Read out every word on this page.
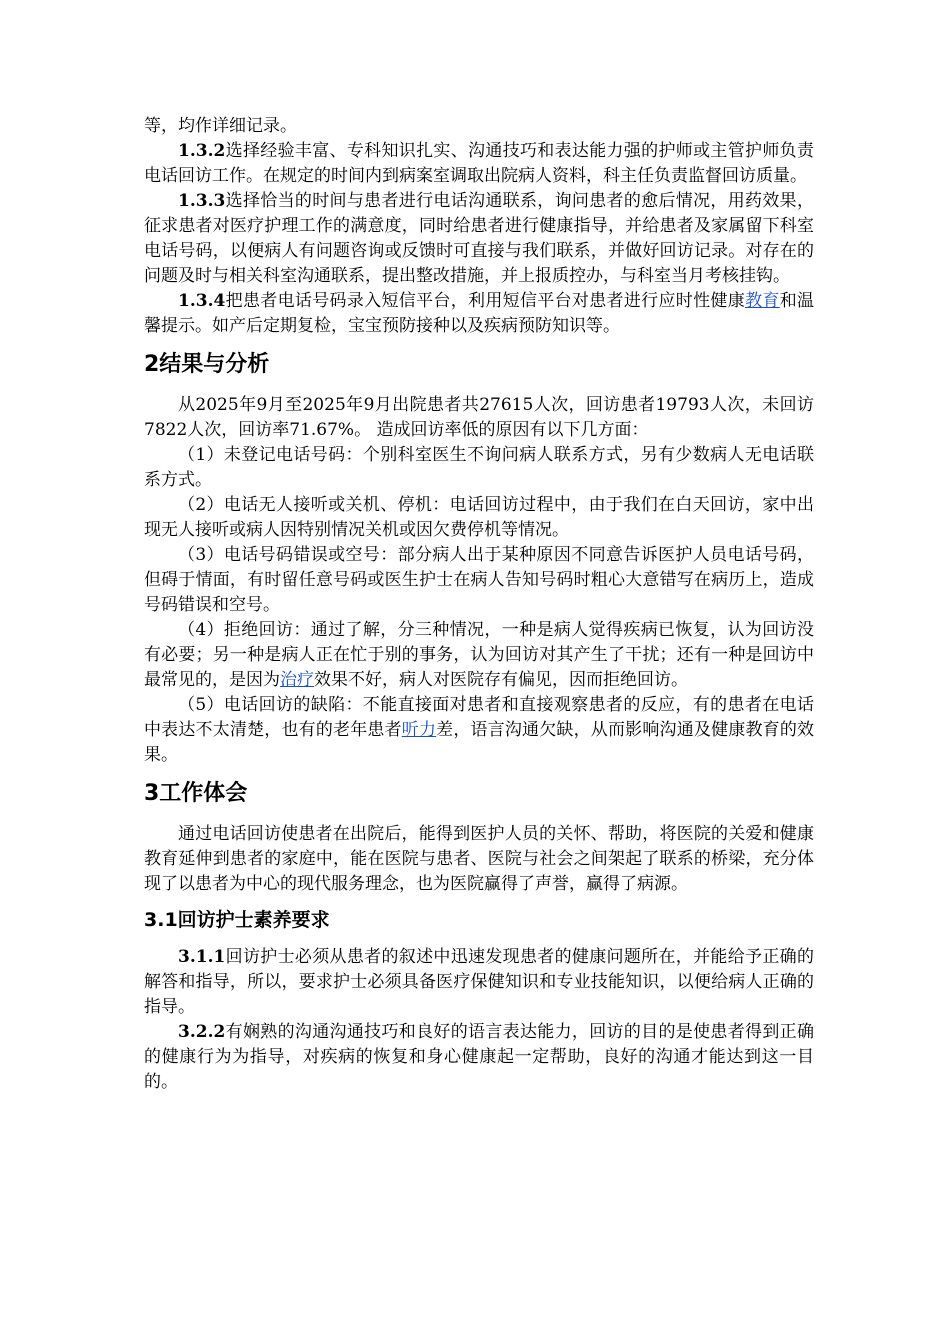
等，均作详细记录。

1.3.2选择经验丰富、专科知识扎实、沟通技巧和表达能力强的护师或主管护师负责电话回访工作。在规定的时间内到病案室调取出院病人资料，科主任负责监督回访质量。

1.3.3选择恰当的时间与患者进行电话沟通联系，询问患者的愈后情况，用药效果，征求患者对医疗护理工作的满意度，同时给患者进行健康指导，并给患者及家属留下科室电话号码，以便病人有问题咨询或反馈时可直接与我们联系，并做好回访记录。对存在的问题及时与相关科室沟通联系，提出整改措施，并上报质控办，与科室当月考核挂钩。

1.3.4把患者电话号码录入短信平台，利用短信平台对患者进行应时性健康教育和温馨提示。如产后定期复检，宝宝预防接种以及疾病预防知识等。

2结果与分析

从2025年9月至2025年9月出院患者共27615人次，回访患者19793人次，未回访7822人次，回访率71.67%。 造成回访率低的原因有以下几方面：

（1）未登记电话号码：个别科室医生不询问病人联系方式，另有少数病人无电话联系方式。

（2）电话无人接听或关机、停机：电话回访过程中，由于我们在白天回访，家中出现无人接听或病人因特别情况关机或因欠费停机等情况。

（3）电话号码错误或空号：部分病人出于某种原因不同意告诉医护人员电话号码，但碍于情面，有时留任意号码或医生护士在病人告知号码时粗心大意错写在病历上，造成号码错误和空号。

（4）拒绝回访：通过了解，分三种情况，一种是病人觉得疾病已恢复，认为回访没有必要；另一种是病人正在忙于别的事务，认为回访对其产生了干扰；还有一种是回访中最常见的，是因为治疗效果不好，病人对医院存有偏见，因而拒绝回访。

（5）电话回访的缺陷：不能直接面对患者和直接观察患者的反应，有的患者在电话中表达不太清楚，也有的老年患者听力差，语言沟通欠缺，从而影响沟通及健康教育的效果。

3工作体会

通过电话回访使患者在出院后，能得到医护人员的关怀、帮助，将医院的关爱和健康教育延伸到患者的家庭中，能在医院与患者、医院与社会之间架起了联系的桥梁，充分体现了以患者为中心的现代服务理念，也为医院赢得了声誉，赢得了病源。

3.1回访护士素养要求

3.1.1回访护士必须从患者的叙述中迅速发现患者的健康问题所在，并能给予正确的解答和指导，所以，要求护士必须具备医疗保健知识和专业技能知识，以便给病人正确的指导。

3.2.2有娴熟的沟通沟通技巧和良好的语言表达能力，回访的目的是使患者得到正确的健康行为为指导，对疾病的恢复和身心健康起一定帮助，良好的沟通才能达到这一目的。
